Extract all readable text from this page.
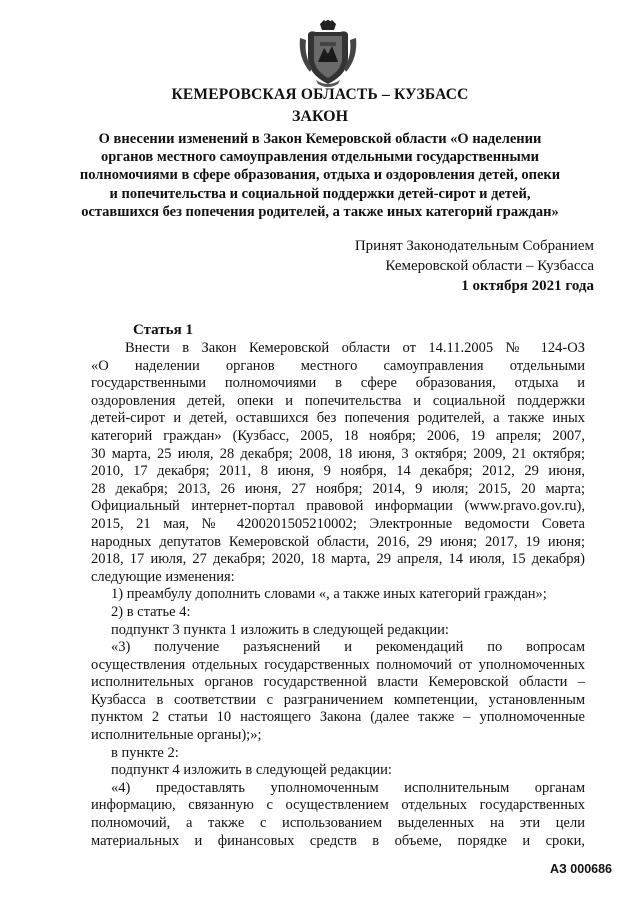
КЕМЕРОВСКАЯ ОБЛАСТЬ – КУЗБАСС
ЗАКОН
О внесении изменений в Закон Кемеровской области «О наделении
органов местного самоуправления отдельными государственными
полномочиями в сфере образования, отдыха и оздоровления детей, опеки
и попечительства и социальной поддержки детей-сирот и детей,
оставшихся без попечения родителей, а также иных категорий граждан»
Принят Законодательным Собранием
Кемеровской области – Кузбасса
1 октября 2021 года
Статья 1
Внести в Закон Кемеровской области от 14.11.2005 № 124-ОЗ
«О наделении органов местного самоуправления отдельными
государственными полномочиями в сфере образования, отдыха и
оздоровления детей, опеки и попечительства и социальной поддержки
детей-сирот и детей, оставшихся без попечения родителей, а также иных
категорий граждан» (Кузбасс, 2005, 18 ноября; 2006, 19 апреля; 2007,
30 марта, 25 июля, 28 декабря; 2008, 18 июня, 3 октября; 2009, 21 октября;
2010, 17 декабря; 2011, 8 июня, 9 ноября, 14 декабря; 2012, 29 июня,
28 декабря; 2013, 26 июня, 27 ноября; 2014, 9 июля; 2015, 20 марта;
Официальный интернет-портал правовой информации (www.pravo.gov.ru),
2015, 21 мая, № 4200201505210002; Электронные ведомости Совета
народных депутатов Кемеровской области, 2016, 29 июня; 2017, 19 июня;
2018, 17 июля, 27 декабря; 2020, 18 марта, 29 апреля, 14 июля, 15 декабря)
следующие изменения:
1) преамбулу дополнить словами «, а также иных категорий граждан»;
2) в статье 4:
подпункт 3 пункта 1 изложить в следующей редакции:
«3) получение разъяснений и рекомендаций по вопросам
осуществления отдельных государственных полномочий от уполномоченных
исполнительных органов государственной власти Кемеровской области –
Кузбасса в соответствии с разграничением компетенции, установленным
пунктом 2 статьи 10 настоящего Закона (далее также – уполномоченные
исполнительные органы);»;
в пункте 2:
подпункт 4 изложить в следующей редакции:
«4) предоставлять уполномоченным исполнительным органам
информацию, связанную с осуществлением отдельных государственных
полномочий, а также с использованием выделенных на эти цели
материальных и финансовых средств в объеме, порядке и сроки,
АЗ 000686
